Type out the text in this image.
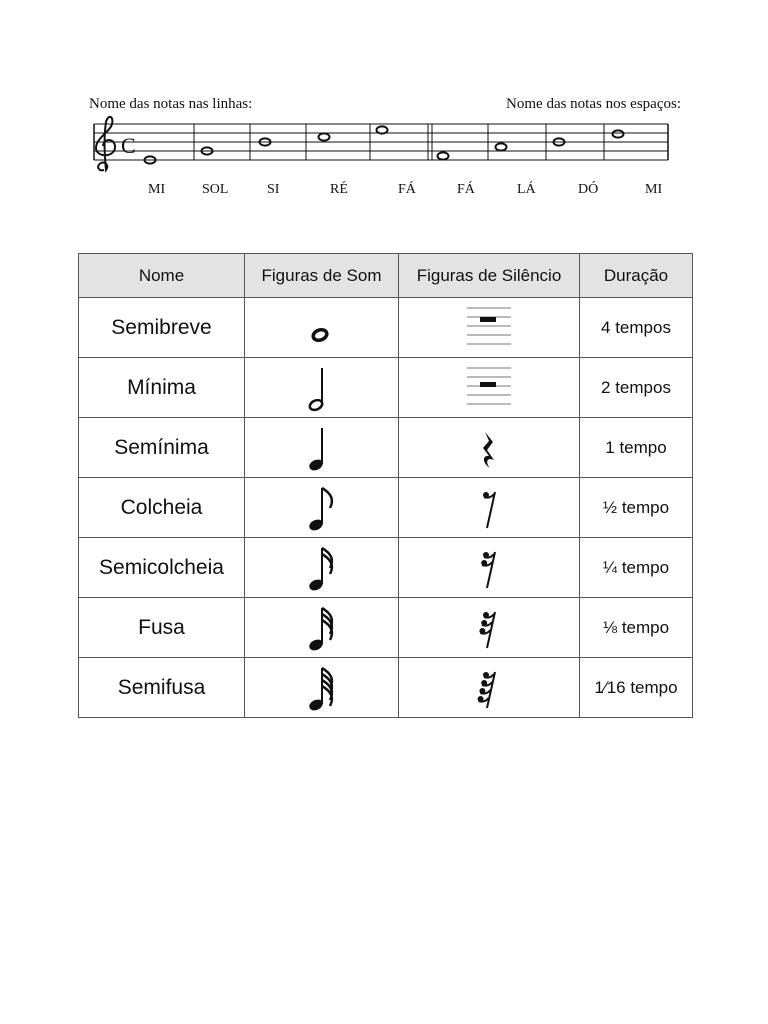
Nome das notas nas linhas:	Nome das notas nos espaços:
C
MI	SOL	SI	RÉ	FÁ	FÁ	LÁ	DÓ	MI
Nome	Figuras de Som	Figuras de Silêncio	Duração
Semibreve			4 tempos
Mínima			2 tempos
Semínima			1 tempo
Colcheia			½ tempo
Semicolcheia			¼ tempo
Fusa			⅛ tempo
Semifusa			1⁄16 tempo
